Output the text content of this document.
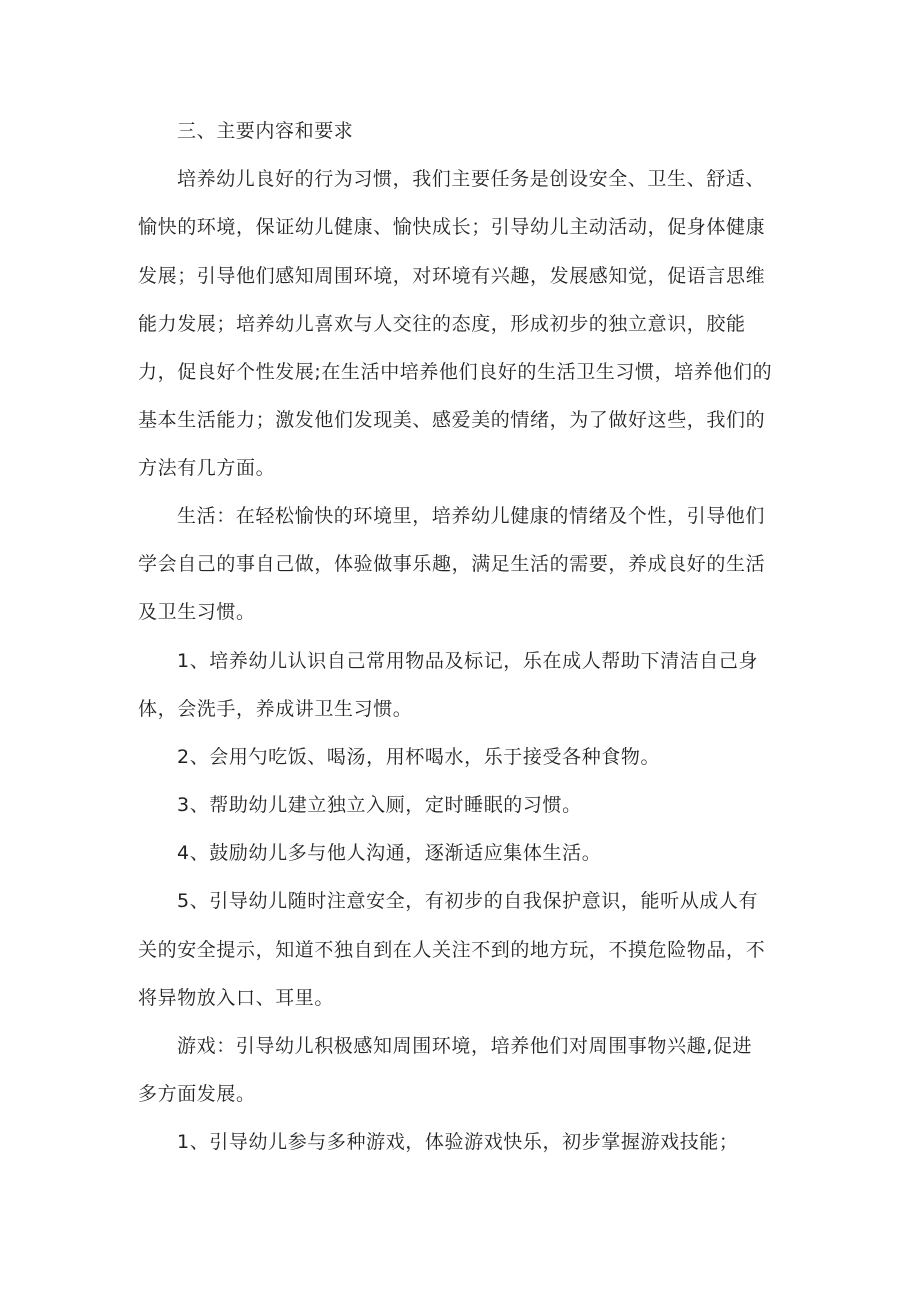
三、主要内容和要求
培养幼儿良好的行为习惯，我们主要任务是创设安全、卫生、舒适、
愉快的环境，保证幼儿健康、愉快成长；引导幼儿主动活动，促身体健康
发展；引导他们感知周围环境，对环境有兴趣，发展感知觉，促语言思维
能力发展；培养幼儿喜欢与人交往的态度，形成初步的独立意识，胶能
力，促良好个性发展;在生活中培养他们良好的生活卫生习惯，培养他们的
基本生活能力；激发他们发现美、感爱美的情绪，为了做好这些，我们的
方法有几方面。
生活：在轻松愉快的环境里，培养幼儿健康的情绪及个性，引导他们
学会自己的事自己做，体验做事乐趣，满足生活的需要，养成良好的生活
及卫生习惯。
1、培养幼儿认识自己常用物品及标记，乐在成人帮助下清洁自己身
体，会洗手，养成讲卫生习惯。
2、会用勺吃饭、喝汤，用杯喝水，乐于接受各种食物。
3、帮助幼儿建立独立入厕，定时睡眠的习惯。
4、鼓励幼儿多与他人沟通，逐渐适应集体生活。
5、引导幼儿随时注意安全，有初步的自我保护意识，能听从成人有
关的安全提示，知道不独自到在人关注不到的地方玩，不摸危险物品，不
将异物放入口、耳里。
游戏：引导幼儿积极感知周围环境，培养他们对周围事物兴趣,促进
多方面发展。
1、引导幼儿参与多种游戏，体验游戏快乐，初步掌握游戏技能；
